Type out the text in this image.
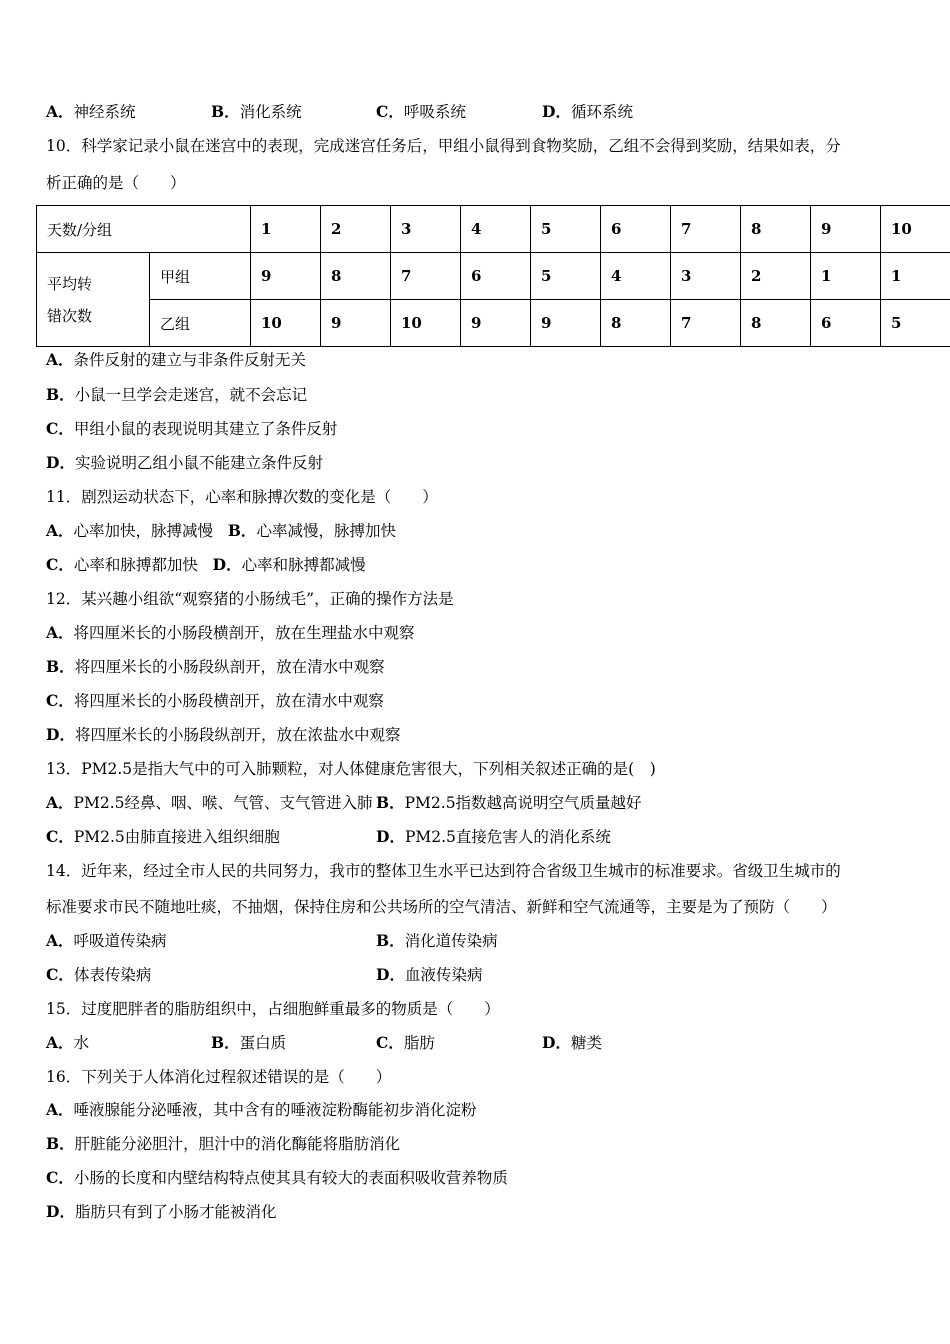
A．神经系统	B．消化系统	C．呼吸系统	D．循环系统
10．科学家记录小鼠在迷宫中的表现，完成迷宫任务后，甲组小鼠得到食物奖励，乙组不会得到奖励，结果如表，分
析正确的是（　　）
天数/分组		1	2	3	4	5	6	7	8	9	10
平均转
错次数	甲组	9	8	7	6	5	4	3	2	1	1
	乙组	10	9	10	9	9	8	7	8	6	5
A．条件反射的建立与非条件反射无关
B．小鼠一旦学会走迷宫，就不会忘记
C．甲组小鼠的表现说明其建立了条件反射
D．实验说明乙组小鼠不能建立条件反射
11．剧烈运动状态下，心率和脉搏次数的变化是（　　）
A．心率加快，脉搏减慢 B．心率减慢，脉搏加快
C．心率和脉搏都加快 D．心率和脉搏都减慢
12．某兴趣小组欲“观察猪的小肠绒毛”，正确的操作方法是
A．将四厘米长的小肠段横剖开，放在生理盐水中观察
B．将四厘米长的小肠段纵剖开，放在清水中观察
C．将四厘米长的小肠段横剖开，放在清水中观察
D．将四厘米长的小肠段纵剖开，放在浓盐水中观察
13．PM2.5是指大气中的可入肺颗粒，对人体健康危害很大，下列相关叙述正确的是(　)
A．PM2.5经鼻、咽、喉、气管、支气管进入肺 B．PM2.5指数越高说明空气质量越好
C．PM2.5由肺直接进入组织细胞	D．PM2.5直接危害人的消化系统
14．近年来，经过全市人民的共同努力，我市的整体卫生水平已达到符合省级卫生城市的标准要求。省级卫生城市的
标准要求市民不随地吐痰，不抽烟，保持住房和公共场所的空气清洁、新鲜和空气流通等，主要是为了预防（　　）
A．呼吸道传染病	B．消化道传染病
C．体表传染病	D．血液传染病
15．过度肥胖者的脂肪组织中，占细胞鲜重最多的物质是（　　）
A．水	B．蛋白质	C．脂肪	D．糖类
16．下列关于人体消化过程叙述错误的是（　　）
A．唾液腺能分泌唾液，其中含有的唾液淀粉酶能初步消化淀粉
B．肝脏能分泌胆汁，胆汁中的消化酶能将脂肪消化
C．小肠的长度和内壁结构特点使其具有较大的表面积吸收营养物质
D．脂肪只有到了小肠才能被消化
